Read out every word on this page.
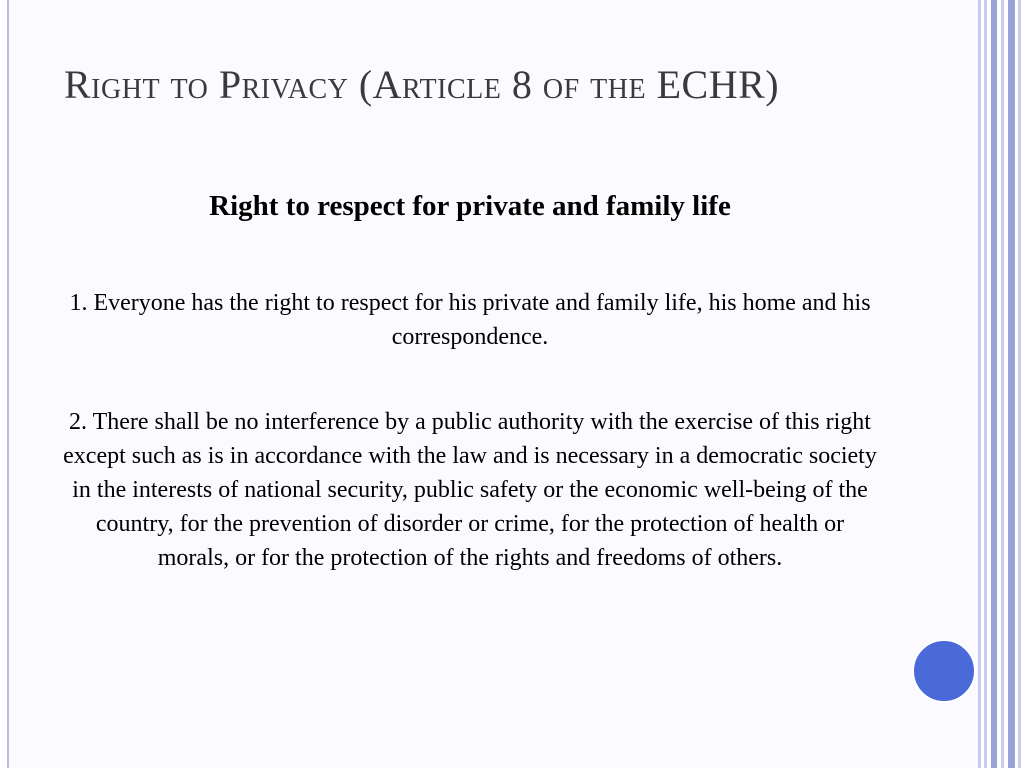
Right to Privacy (Article 8 of the ECHR)
Right to respect for private and family life
1. Everyone has the right to respect for his private and family life, his home and his correspondence.
2. There shall be no interference by a public authority with the exercise of this right except such as is in accordance with the law and is necessary in a democratic society in the interests of national security, public safety or the economic well-being of the country, for the prevention of disorder or crime, for the protection of health or morals, or for the protection of the rights and freedoms of others.
